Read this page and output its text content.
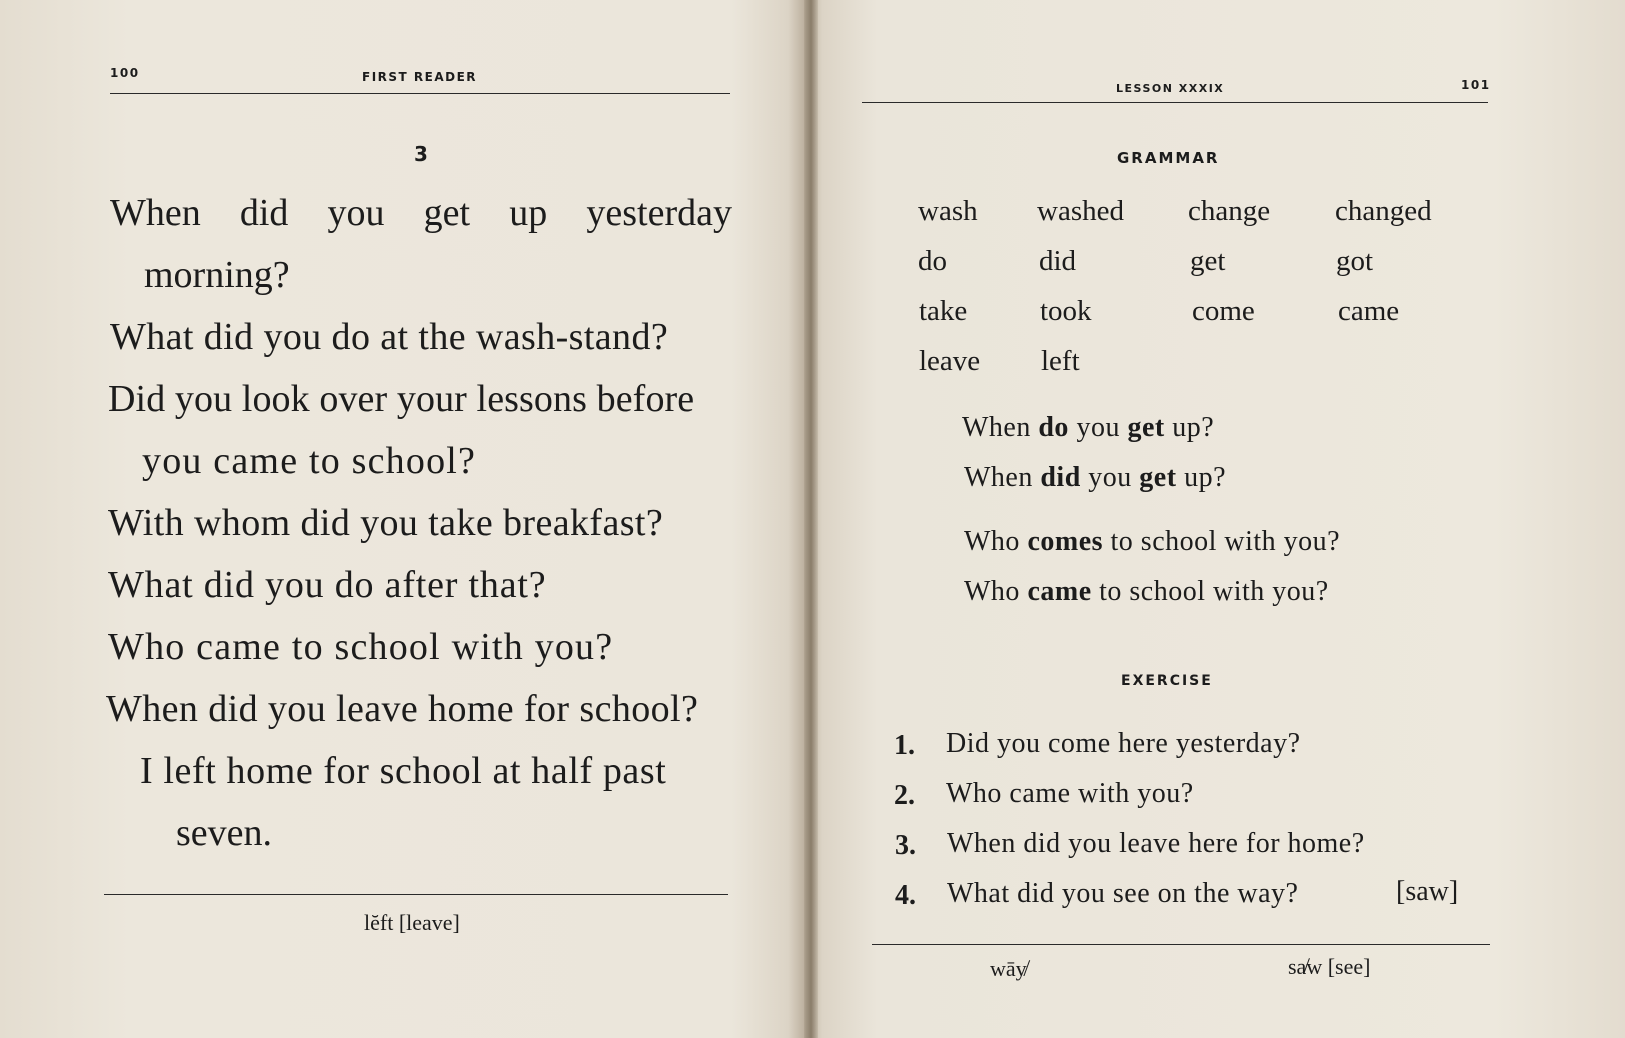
100	FIRST READER
3
When did you get up yesterday
morning?
What did you do at the wash-stand?
Did you look over your lessons before
you came to school?
With whom did you take breakfast?
What did you do after that?
Who came to school with you?
When did you leave home for school?
I left home for school at half past
seven.
lĕft [leave]
LESSON XXXIX	101
GRAMMAR
wash washed change changed
do	did	get	got
take	took	come	came
leave left
When do you get up?
When did you get up?
Who comes to school with you?
Who came to school with you?
EXERCISE
1. Did you come here yesterday?
2. Who came with you?
3. When did you leave here for home?
4. What did you see on the way?	[saw]
wāy̸	sa̸w [see]
